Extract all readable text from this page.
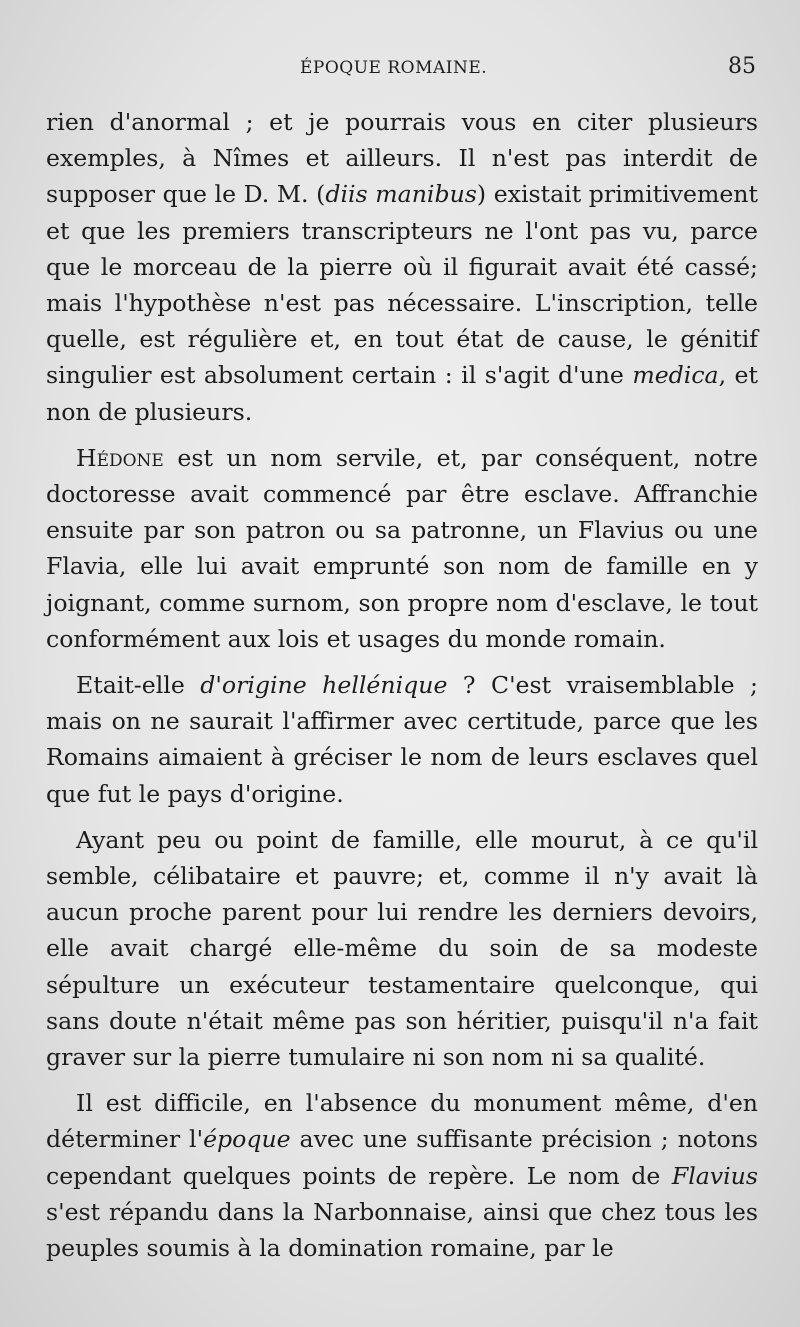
ÉPOQUE ROMAINE.	85

rien d'anormal ; et je pourrais vous en citer plusieurs exemples, à Nîmes et ailleurs. Il n'est pas interdit de supposer que le D. M. (diis manibus) existait primitivement et que les premiers transcripteurs ne l'ont pas vu, parce que le morceau de la pierre où il figurait avait été cassé; mais l'hypothèse n'est pas nécessaire. L'inscription, telle quelle, est régulière et, en tout état de cause, le génitif singulier est absolument certain : il s'agit d'une medica, et non de plusieurs.

Hédone est un nom servile, et, par conséquent, notre doctoresse avait commencé par être esclave. Affranchie ensuite par son patron ou sa patronne, un Flavius ou une Flavia, elle lui avait emprunté son nom de famille en y joignant, comme surnom, son propre nom d'esclave, le tout conformément aux lois et usages du monde romain.

Etait-elle d'origine hellénique ? C'est vraisemblable ; mais on ne saurait l'affirmer avec certitude, parce que les Romains aimaient à gréciser le nom de leurs esclaves quel que fut le pays d'origine.

Ayant peu ou point de famille, elle mourut, à ce qu'il semble, célibataire et pauvre; et, comme il n'y avait là aucun proche parent pour lui rendre les derniers devoirs, elle avait chargé elle-même du soin de sa modeste sépulture un exécuteur testamentaire quelconque, qui sans doute n'était même pas son héritier, puisqu'il n'a fait graver sur la pierre tumulaire ni son nom ni sa qualité.

Il est difficile, en l'absence du monument même, d'en déterminer l'époque avec une suffisante précision ; notons cependant quelques points de repère. Le nom de Flavius s'est répandu dans la Narbonnaise, ainsi que chez tous les peuples soumis à la domination romaine, par le
